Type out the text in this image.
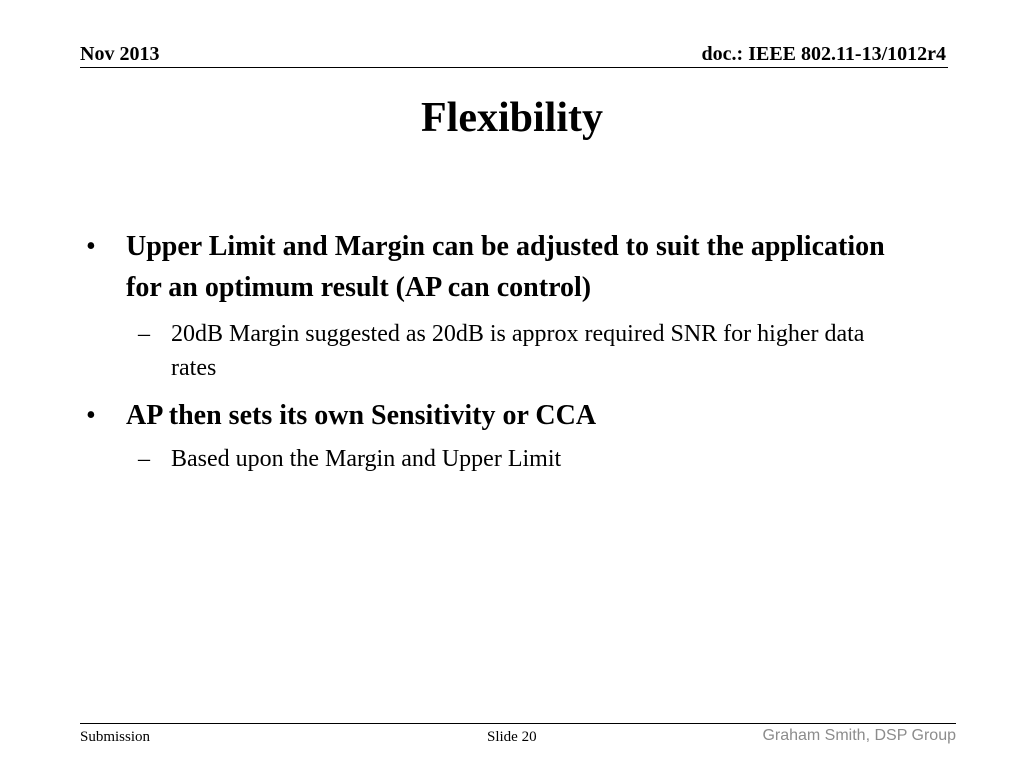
Nov 2013	doc.: IEEE 802.11-13/1012r4
Flexibility
• Upper Limit and Margin can be adjusted to suit the application for an optimum result (AP can control)
– 20dB Margin suggested as 20dB is approx required SNR for higher data rates
• AP then sets its own Sensitivity or CCA
– Based upon the Margin and Upper Limit
Submission	Slide 20	Graham Smith, DSP Group
